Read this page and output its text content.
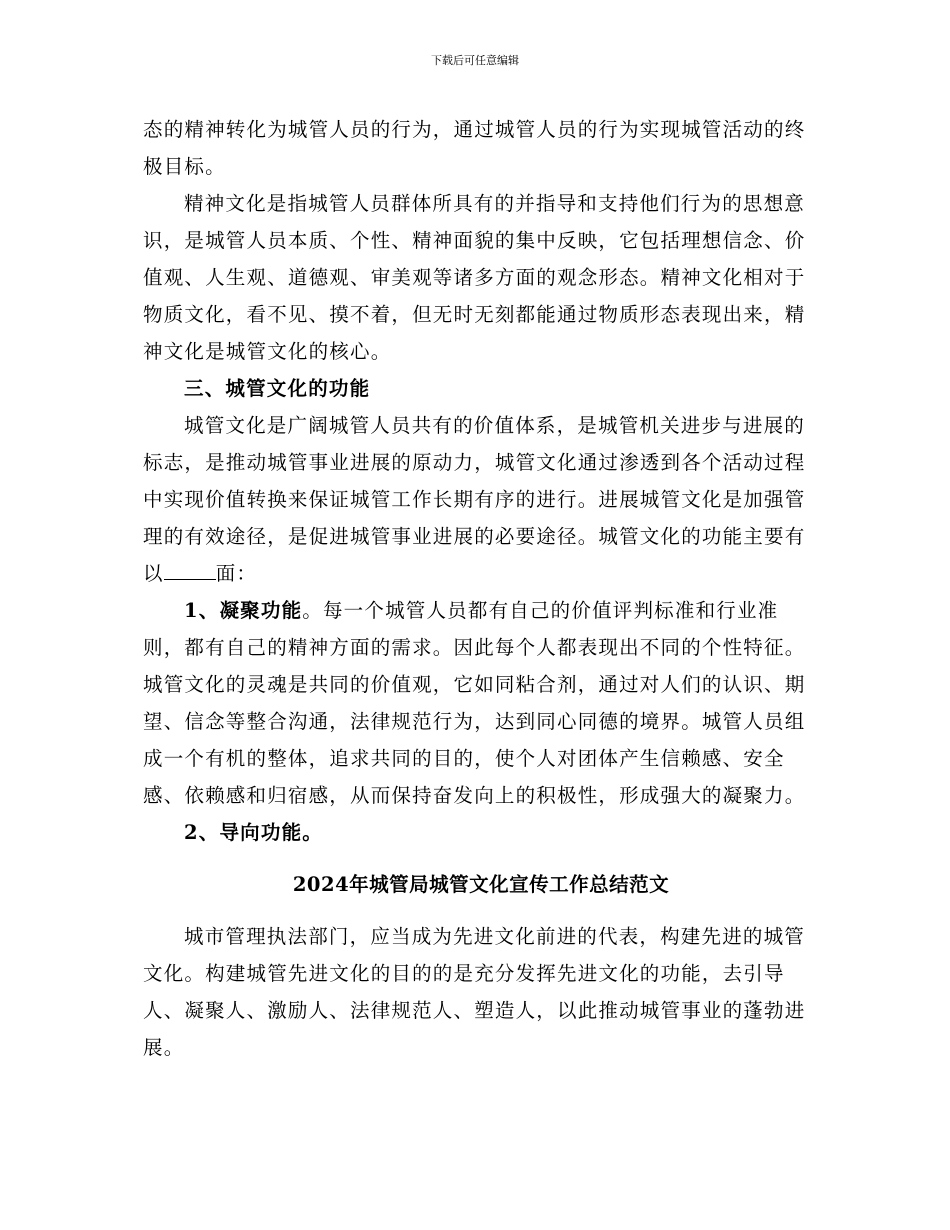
下载后可任意编辑

态的精神转化为城管人员的行为，通过城管人员的行为实现城管活动的终极目标。

精神文化是指城管人员群体所具有的并指导和支持他们行为的思想意识，是城管人员本质、个性、精神面貌的集中反映，它包括理想信念、价值观、人生观、道德观、审美观等诸多方面的观念形态。精神文化相对于物质文化，看不见、摸不着，但无时无刻都能通过物质形态表现出来，精神文化是城管文化的核心。

三、城管文化的功能

城管文化是广阔城管人员共有的价值体系，是城管机关进步与进展的标志，是推动城管事业进展的原动力，城管文化通过渗透到各个活动过程中实现价值转换来保证城管工作长期有序的进行。进展城管文化是加强管理的有效途径，是促进城管事业进展的必要途径。城管文化的功能主要有以	面：

1、凝聚功能。每一个城管人员都有自己的价值评判标准和行业准则，都有自己的精神方面的需求。因此每个人都表现出不同的个性特征。城管文化的灵魂是共同的价值观，它如同粘合剂，通过对人们的认识、期望、信念等整合沟通，法律规范行为，达到同心同德的境界。城管人员组成一个有机的整体，追求共同的目的，使个人对团体产生信赖感、安全感、依赖感和归宿感，从而保持奋发向上的积极性，形成强大的凝聚力。

2、导向功能。

2024年城管局城管文化宣传工作总结范文

城市管理执法部门，应当成为先进文化前进的代表，构建先进的城管文化。构建城管先进文化的目的的是充分发挥先进文化的功能，去引导人、凝聚人、激励人、法律规范人、塑造人，以此推动城管事业的蓬勃进展。
